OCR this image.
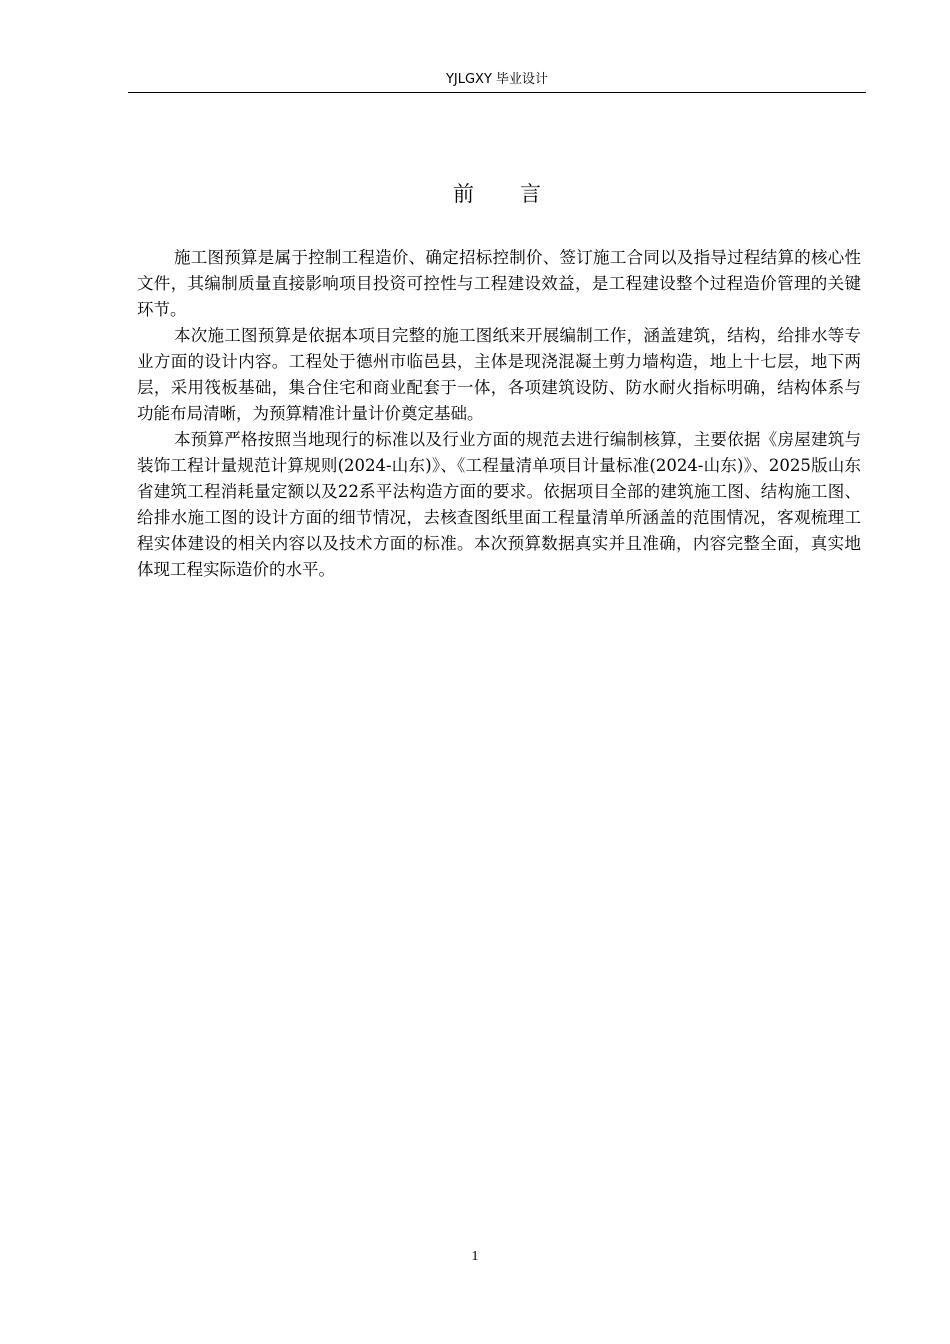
YJLGXY 毕业设计
前言

施工图预算是属于控制工程造价、确定招标控制价、签订施工合同以及指导过程结算的核心性文件，其编制质量直接影响项目投资可控性与工程建设效益，是工程建设整个过程造价管理的关键环节。

本次施工图预算是依据本项目完整的施工图纸来开展编制工作，涵盖建筑，结构，给排水等专业方面的设计内容。工程处于德州市临邑县，主体是现浇混凝土剪力墙构造，地上十七层，地下两层，采用筏板基础，集合住宅和商业配套于一体，各项建筑设防、防水耐火指标明确，结构体系与功能布局清晰，为预算精准计量计价奠定基础。

本预算严格按照当地现行的标准以及行业方面的规范去进行编制核算，主要依据《房屋建筑与装饰工程计量规范计算规则(2024-山东)》、《工程量清单项目计量标准(2024-山东)》、2025版山东省建筑工程消耗量定额以及22系平法构造方面的要求。依据项目全部的建筑施工图、结构施工图、给排水施工图的设计方面的细节情况，去核查图纸里面工程量清单所涵盖的范围情况，客观梳理工程实体建设的相关内容以及技术方面的标准。本次预算数据真实并且准确，内容完整全面，真实地体现工程实际造价的水平。

1
